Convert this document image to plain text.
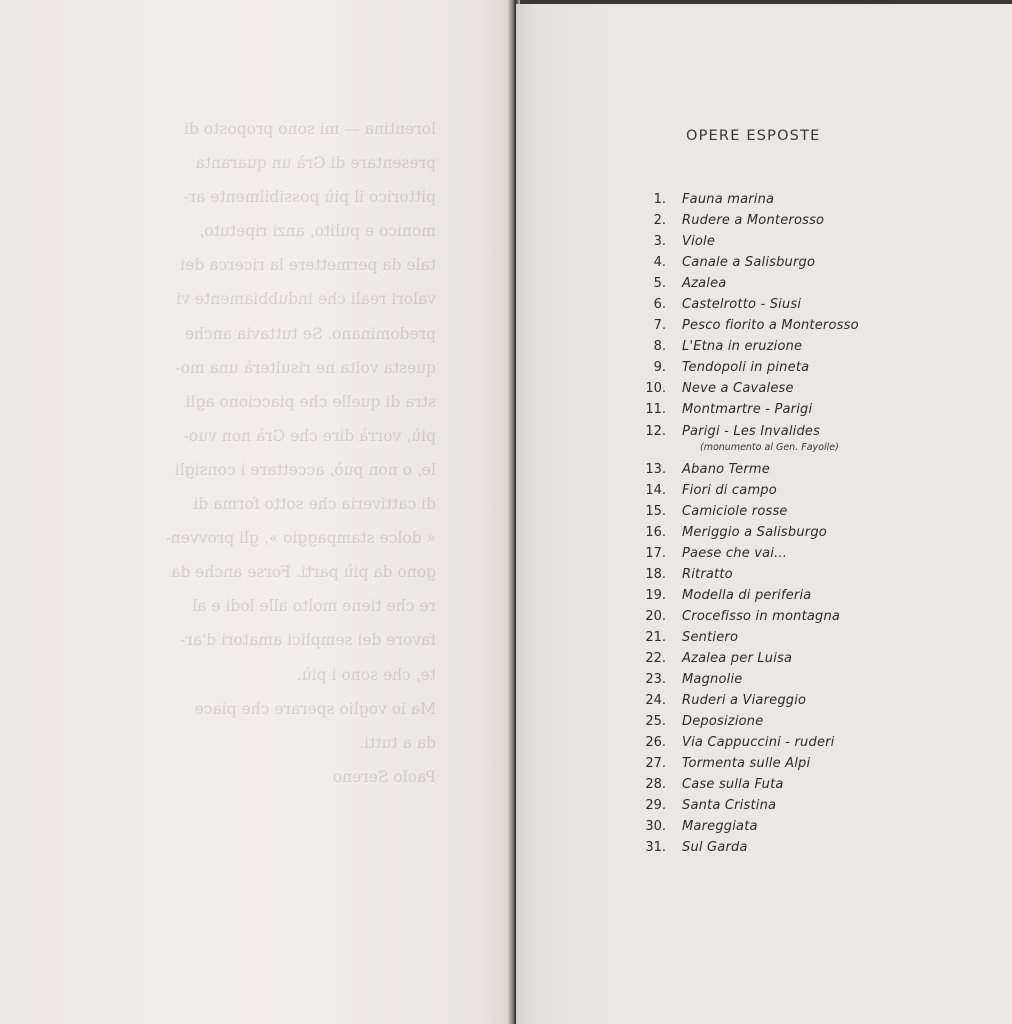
lorentina — mi sono proposto di
presentare di Grà un quaranta
pittorico il più possibilmente ar-
monico e pulito, anzi ripetuto,
tale da permettere la ricerca dei
valori reali che indubbiamente vi
predominano. Se tuttavia anche
questa volta ne risulterà una mo-
stra di quelle che piacciono agli
più, vorrà dire che Grà non vuo-
le, o non può, accettare i consigli
di cattiveria che sotto forma di
« dolce stampaggio », gli provven-
gono da più parti. Forse anche da
re che tiene molto alle lodi e al
favore dei semplici amatori d'ar-
te, che sono i più.
Ma io voglio sperare che piace
da a tutti.
Paolo Sereno
OPERE ESPOSTE
1. Fauna marina
2. Rudere a Monterosso
3. Viole
4. Canale a Salisburgo
5. Azalea
6. Castelrotto - Siusi
7. Pesco fiorito a Monterosso
8. L'Etna in eruzione
9. Tendopoli in pineta
10. Neve a Cavalese
11. Montmartre - Parigi
12. Parigi - Les Invalides
(monumento al Gen. Fayolle)
13. Abano Terme
14. Fiori di campo
15. Camiciole rosse
16. Meriggio a Salisburgo
17. Paese che vai...
18. Ritratto
19. Modella di periferia
20. Crocefisso in montagna
21. Sentiero
22. Azalea per Luisa
23. Magnolie
24. Ruderi a Viareggio
25. Deposizione
26. Via Cappuccini - ruderi
27. Tormenta sulle Alpi
28. Case sulla Futa
29. Santa Cristina
30. Mareggiata
31. Sul Garda
